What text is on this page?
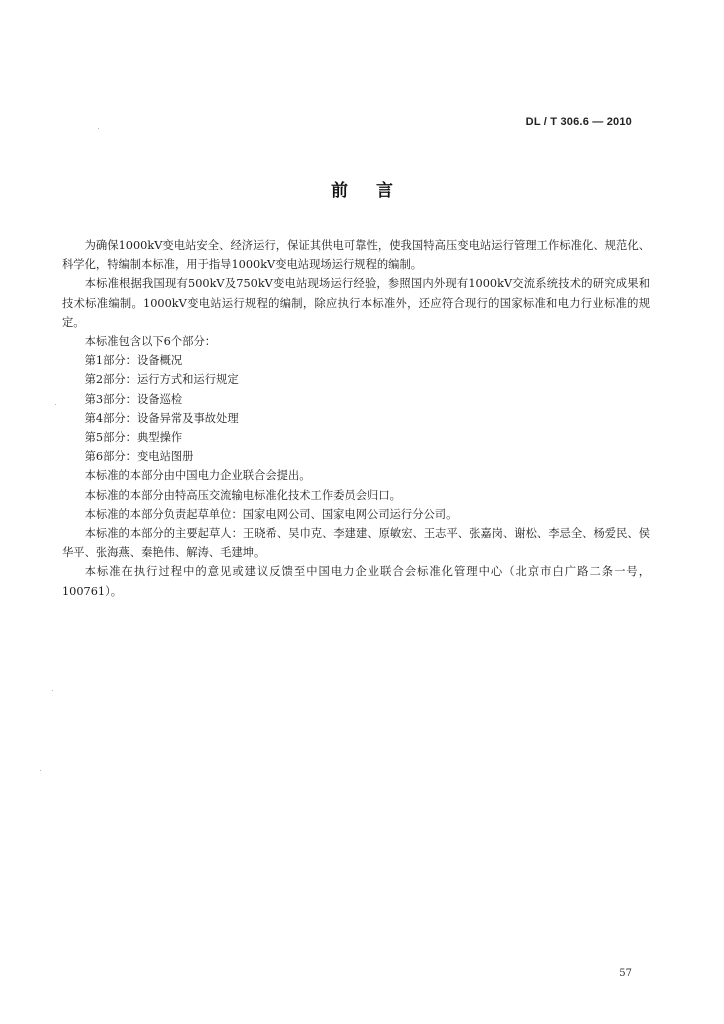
DL / T 306.6 — 2010
前言

为确保1000kV变电站安全、经济运行，保证其供电可靠性，使我国特高压变电站运行管理工作标准化、规范化、科学化，特编制本标准，用于指导1000kV变电站现场运行规程的编制。

本标准根据我国现有500kV及750kV变电站现场运行经验，参照国内外现有1000kV交流系统技术的研究成果和技术标准编制。1000kV变电站运行规程的编制，除应执行本标准外，还应符合现行的国家标准和电力行业标准的规定。

本标准包含以下6个部分：

第1部分：设备概况

第2部分：运行方式和运行规定

第3部分：设备巡检

第4部分：设备异常及事故处理

第5部分：典型操作

第6部分：变电站图册

本标准的本部分由中国电力企业联合会提出。

本标准的本部分由特高压交流输电标准化技术工作委员会归口。

本标准的本部分负责起草单位：国家电网公司、国家电网公司运行分公司。

本标准的本部分的主要起草人：王晓希、吴巾克、李建建、原敏宏、王志平、张嘉岗、谢松、李忌全、杨爱民、侯华平、张海燕、秦艳伟、解涛、毛建坤。

本标准在执行过程中的意见或建议反馈至中国电力企业联合会标准化管理中心（北京市白广路二条一号，100761）。

57
